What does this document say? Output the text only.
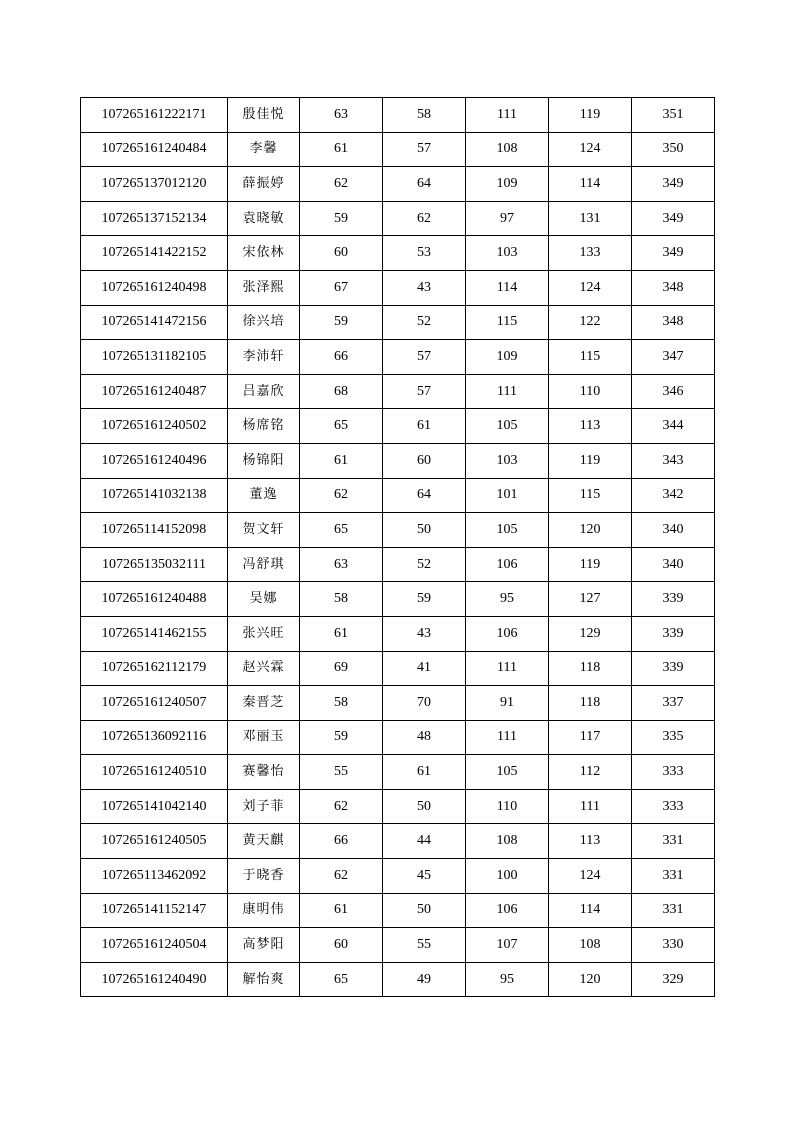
107265161222171	殷佳悦	63	58	111	119	351
107265161240484	李馨	61	57	108	124	350
107265137012120	薛振婷	62	64	109	114	349
107265137152134	袁晓敏	59	62	97	131	349
107265141422152	宋依林	60	53	103	133	349
107265161240498	张泽熙	67	43	114	124	348
107265141472156	徐兴培	59	52	115	122	348
107265131182105	李沛轩	66	57	109	115	347
107265161240487	吕嘉欣	68	57	111	110	346
107265161240502	杨席铭	65	61	105	113	344
107265161240496	杨锦阳	61	60	103	119	343
107265141032138	董逸	62	64	101	115	342
107265114152098	贺文轩	65	50	105	120	340
107265135032111	冯舒琪	63	52	106	119	340
107265161240488	吴娜	58	59	95	127	339
107265141462155	张兴旺	61	43	106	129	339
107265162112179	赵兴霖	69	41	111	118	339
107265161240507	秦晋芝	58	70	91	118	337
107265136092116	邓丽玉	59	48	111	117	335
107265161240510	赛馨怡	55	61	105	112	333
107265141042140	刘子菲	62	50	110	111	333
107265161240505	黄天麒	66	44	108	113	331
107265113462092	于晓香	62	45	100	124	331
107265141152147	康明伟	61	50	106	114	331
107265161240504	高梦阳	60	55	107	108	330
107265161240490	解怡爽	65	49	95	120	329
